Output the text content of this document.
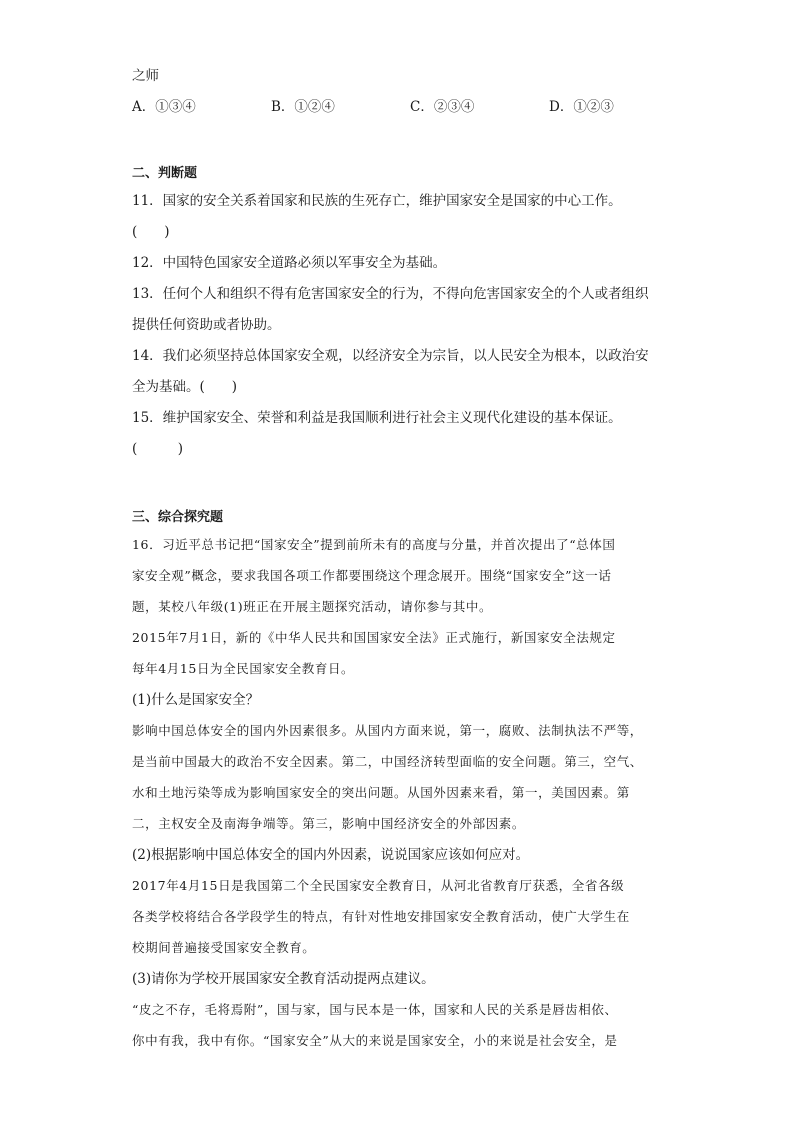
之师
A．①③④	B．①②④	C．②③④	D．①②③
二、判断题
11．国家的安全关系着国家和民族的生死存亡，维护国家安全是国家的中心工作。
(　　)
12．中国特色国家安全道路必须以军事安全为基础。
13．任何个人和组织不得有危害国家安全的行为，不得向危害国家安全的个人或者组织
提供任何资助或者协助。
14．我们必须坚持总体国家安全观，以经济安全为宗旨，以人民安全为根本，以政治安
全为基础。(　　)
15．维护国家安全、荣誉和利益是我国顺利进行社会主义现代化建设的基本保证。
(　　　)
三、综合探究题
16．习近平总书记把“国家安全”提到前所未有的高度与分量，并首次提出了“总体国
家安全观”概念，要求我国各项工作都要围绕这个理念展开。围绕“国家安全”这一话
题，某校八年级(1)班正在开展主题探究活动，请你参与其中。
2015年7月1日，新的《中华人民共和国国家安全法》正式施行，新国家安全法规定
每年4月15日为全民国家安全教育日。
(1)什么是国家安全？
影响中国总体安全的国内外因素很多。从国内方面来说，第一，腐败、法制执法不严等，
是当前中国最大的政治不安全因素。第二，中国经济转型面临的安全问题。第三，空气、
水和土地污染等成为影响国家安全的突出问题。从国外因素来看，第一，美国因素。第
二，主权安全及南海争端等。第三，影响中国经济安全的外部因素。
(2)根据影响中国总体安全的国内外因素，说说国家应该如何应对。
2017年4月15日是我国第二个全民国家安全教育日，从河北省教育厅获悉，全省各级
各类学校将结合各学段学生的特点，有针对性地安排国家安全教育活动，使广大学生在
校期间普遍接受国家安全教育。
(3)请你为学校开展国家安全教育活动提两点建议。
“皮之不存，毛将焉附”，国与家，国与民本是一体，国家和人民的关系是唇齿相依、
你中有我，我中有你。“国家安全”从大的来说是国家安全，小的来说是社会安全，是
